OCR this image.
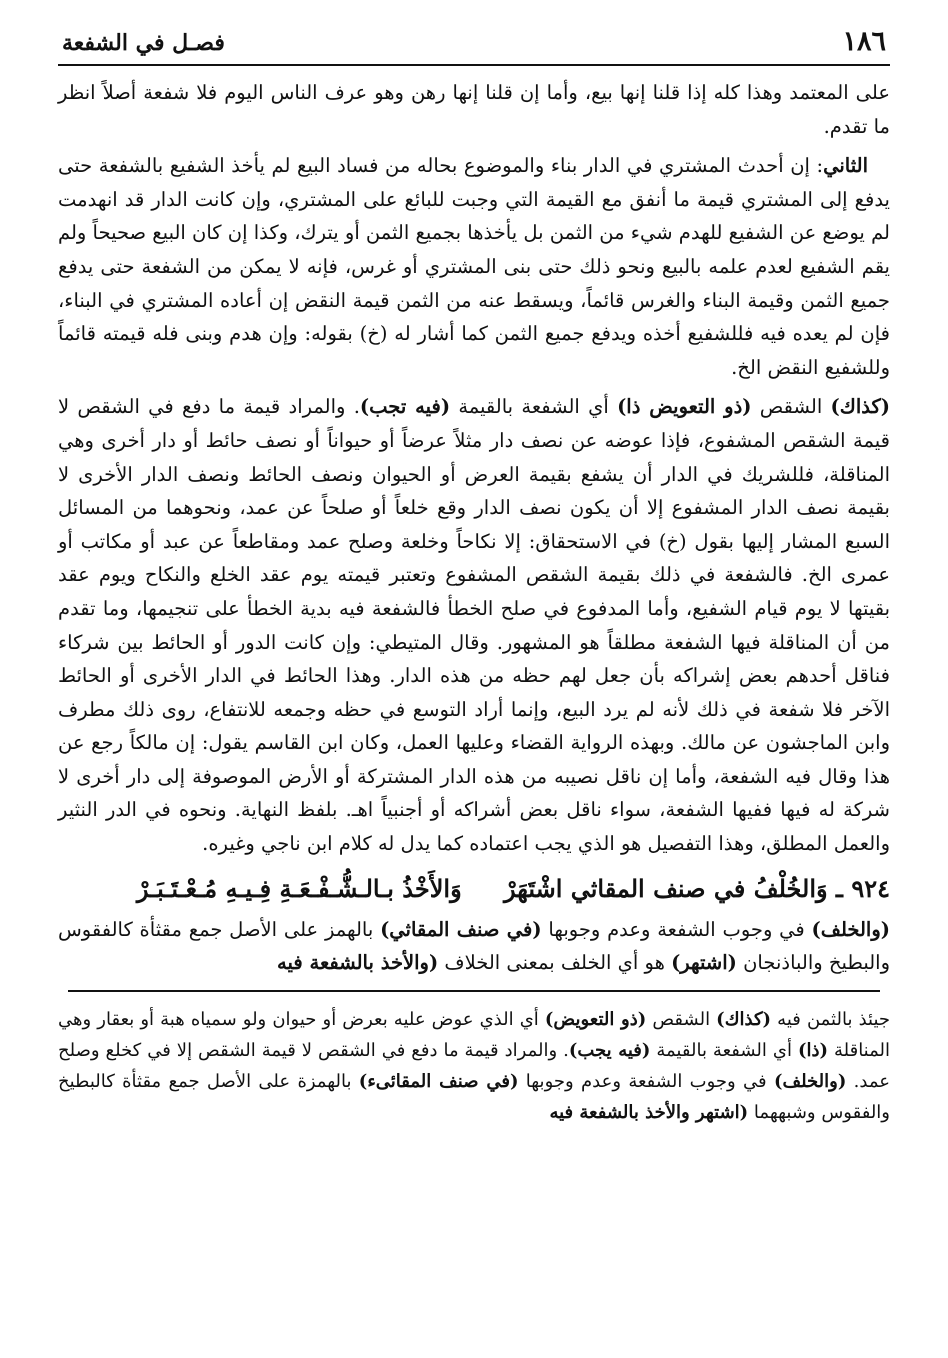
١٨٦
فصـل في الشفعة

على المعتمد وهذا كله إذا قلنا إنها بيع، وأما إن قلنا إنها رهن وهو عرف الناس اليوم فلا شفعة أصلاً انظر ما تقدم.

الثاني: إن أحدث المشتري في الدار بناء والموضوع بحاله من فساد البيع لم يأخذ الشفيع بالشفعة حتى يدفع إلى المشتري قيمة ما أنفق مع القيمة التي وجبت للبائع على المشتري، وإن كانت الدار قد انهدمت لم يوضع عن الشفيع للهدم شيء من الثمن بل يأخذها بجميع الثمن أو يترك، وكذا إن كان البيع صحيحاً ولم يقم الشفيع لعدم علمه بالبيع ونحو ذلك حتى بنى المشتري أو غرس، فإنه لا يمكن من الشفعة حتى يدفع جميع الثمن وقيمة البناء والغرس قائماً، ويسقط عنه من الثمن قيمة النقض إن أعاده المشتري في البناء، فإن لم يعده فيه فللشفيع أخذه ويدفع جميع الثمن كما أشار له (خ) بقوله: وإن هدم وبنى فله قيمته قائماً وللشفيع النقض الخ.

(كذاك) الشقص (ذو التعويض ذا) أي الشفعة بالقيمة (فيه تجب). والمراد قيمة ما دفع في الشقص لا قيمة الشقص المشفوع، فإذا عوضه عن نصف دار مثلاً عرضاً أو حيواناً أو نصف حائط أو دار أخرى وهي المناقلة، فللشريك في الدار أن يشفع بقيمة العرض أو الحيوان ونصف الحائط ونصف الدار الأخرى لا بقيمة نصف الدار المشفوع إلا أن يكون نصف الدار وقع خلعاً أو صلحاً عن عمد، ونحوهما من المسائل السبع المشار إليها بقول (خ) في الاستحقاق: إلا نكاحاً وخلعة وصلح عمد ومقاطعاً عن عبد أو مكاتب أو عمرى الخ. فالشفعة في ذلك بقيمة الشقص المشفوع وتعتبر قيمته يوم عقد الخلع والنكاح ويوم عقد بقيتها لا يوم قيام الشفيع، وأما المدفوع في صلح الخطأ فالشفعة فيه بدية الخطأ على تنجيمها، وما تقدم من أن المناقلة فيها الشفعة مطلقاً هو المشهور. وقال المتيطي: وإن كانت الدور أو الحائط بين شركاء فناقل أحدهم بعض إشراكه بأن جعل لهم حظه من هذه الدار. وهذا الحائط في الدار الأخرى أو الحائط الآخر فلا شفعة في ذلك لأنه لم يرد البيع، وإنما أراد التوسع في حظه وجمعه للانتفاع، روى ذلك مطرف وابن الماجشون عن مالك. وبهذه الرواية القضاء وعليها العمل، وكان ابن القاسم يقول: إن مالكاً رجع عن هذا وقال فيه الشفعة، وأما إن ناقل نصيبه من هذه الدار المشتركة أو الأرض الموصوفة إلى دار أخرى لا شركة له فيها ففيها الشفعة، سواء ناقل بعض أشراكه أو أجنبياً اهـ. بلفظ النهاية. ونحوه في الدر النثير والعمل المطلق، وهذا التفصيل هو الذي يجب اعتماده كما يدل له كلام ابن ناجي وغيره.

٩٢٤ ـ وَالخُلْفُ في صنف المقاثي اشْتَهَرْ وَالأَخْذُ بـالـشُّـفْـعَـةِ فِـيـهِ مُـعْـتَـبَـرْ

(والخلف) في وجوب الشفعة وعدم وجوبها (في صنف المقاثي) بالهمز على الأصل جمع مقثأة كالفقوس والبطيخ والباذنجان (اشتهر) هو أي الخلف بمعنى الخلاف (والأخذ بالشفعة فيه

جيئذ بالثمن فيه (كذاك) الشقص (ذو التعويض) أي الذي عوض عليه بعرض أو حيوان ولو سمياه هبة أو بعقار وهي المناقلة (ذا) أي الشفعة بالقيمة (فيه يجب). والمراد قيمة ما دفع في الشقص لا قيمة الشقص إلا في كخلع وصلح عمد. (والخلف) في وجوب الشفعة وعدم وجوبها (في صنف المقائىء) بالهمزة على الأصل جمع مقثأة كالبطيخ والفقوس وشبههما (اشتهر والأخذ بالشفعة فيه
